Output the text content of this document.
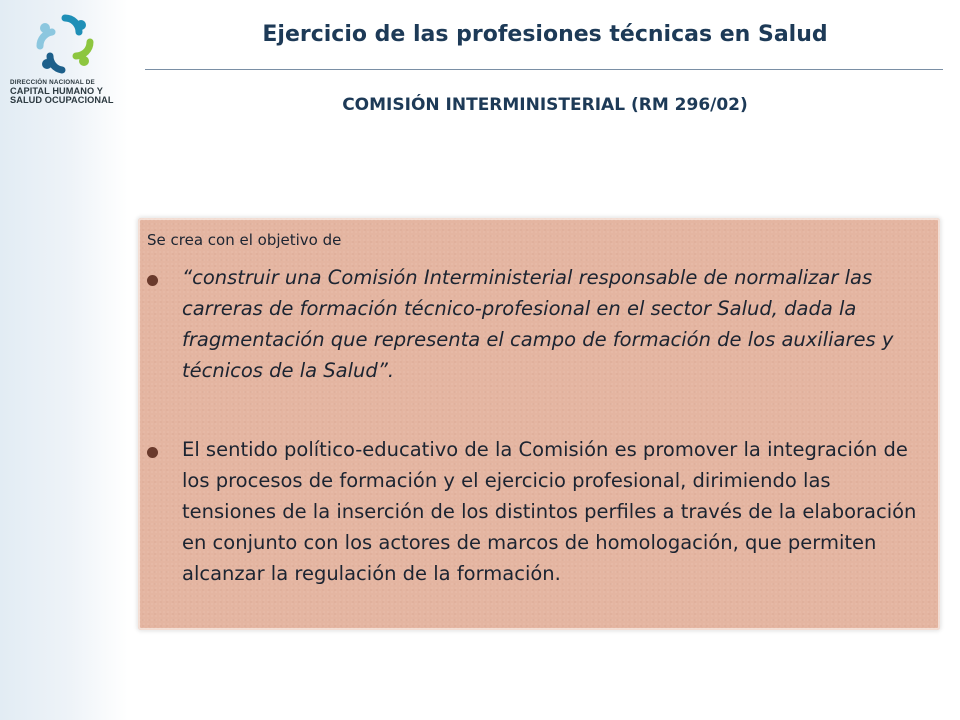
DIRECCIÓN NACIONAL DE
CAPITAL HUMANO Y
SALUD OCUPACIONAL
Ejercicio de las profesiones técnicas en Salud
COMISIÓN INTERMINISTERIAL (RM 296/02)

Se crea con el objetivo de

“construir una Comisión Interministerial responsable de normalizar las carreras de formación técnico-profesional en el sector Salud, dada la fragmentación que representa el campo de formación de los auxiliares y técnicos de la Salud”.

El sentido político-educativo de la Comisión es promover la integración de los procesos de formación y el ejercicio profesional, dirimiendo las tensiones de la inserción de los distintos perfiles a través de la elaboración en conjunto con los actores de marcos de homologación, que permiten alcanzar la regulación de la formación.
